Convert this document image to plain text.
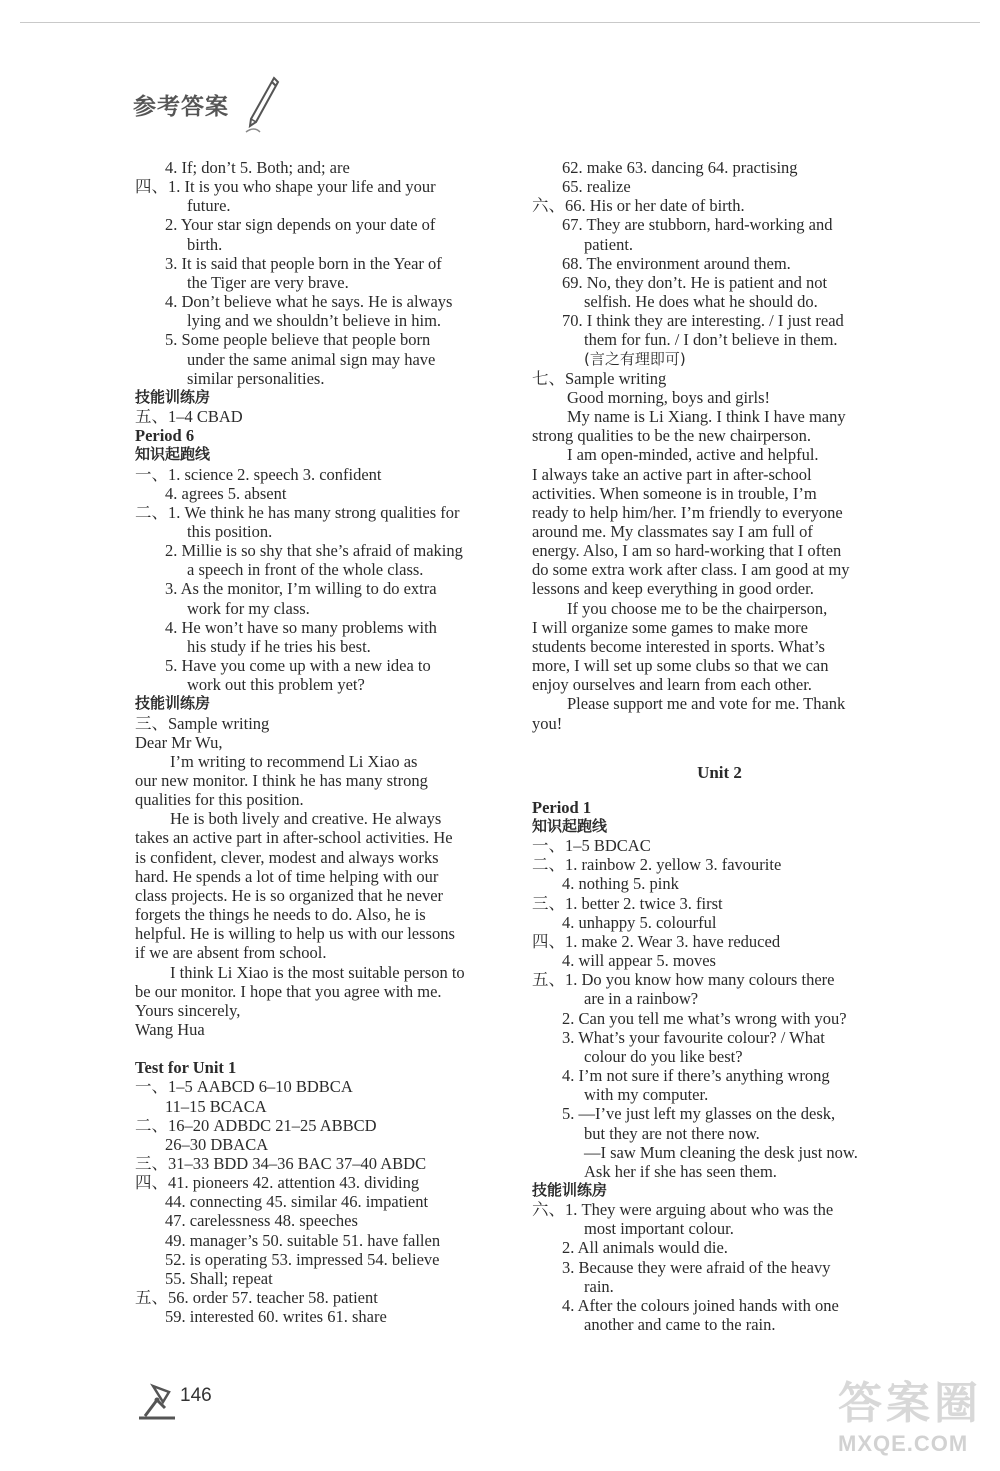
参考答案
4. If; don’t 5. Both; and; are
四、1. It is you who shape your life and your
future.
2. Your star sign depends on your date of
birth.
3. It is said that people born in the Year of
the Tiger are very brave.
4. Don’t believe what he says. He is always
lying and we shouldn’t believe in him.
5. Some people believe that people born
under the same animal sign may have
similar personalities.
技能训练房
五、1–4 CBAD
Period 6
知识起跑线
一、1. science 2. speech 3. confident
4. agrees 5. absent
二、1. We think he has many strong qualities for
this position.
2. Millie is so shy that she’s afraid of making
a speech in front of the whole class.
3. As the monitor, I’m willing to do extra
work for my class.
4. He won’t have so many problems with
his study if he tries his best.
5. Have you come up with a new idea to
work out this problem yet?
技能训练房
三、Sample writing
Dear Mr Wu,
I’m writing to recommend Li Xiao as
our new monitor. I think he has many strong
qualities for this position.
He is both lively and creative. He always
takes an active part in after-school activities. He
is confident, clever, modest and always works
hard. He spends a lot of time helping with our
class projects. He is so organized that he never
forgets the things he needs to do. Also, he is
helpful. He is willing to help us with our lessons
if we are absent from school.
I think Li Xiao is the most suitable person to
be our monitor. I hope that you agree with me.
Yours sincerely,
Wang Hua
Test for Unit 1
一、1–5 AABCD 6–10 BDBCA
11–15 BCACA
二、16–20 ADBDC 21–25 ABBCD
26–30 DBACA
三、31–33 BDD 34–36 BAC 37–40 ABDC
四、41. pioneers 42. attention 43. dividing
44. connecting 45. similar 46. impatient
47. carelessness 48. speeches
49. manager’s 50. suitable 51. have fallen
52. is operating 53. impressed 54. believe
55. Shall; repeat
五、56. order 57. teacher 58. patient
59. interested 60. writes 61. share
62. make 63. dancing 64. practising
65. realize
六、66. His or her date of birth.
67. They are stubborn, hard-working and
patient.
68. The environment around them.
69. No, they don’t. He is patient and not
selfish. He does what he should do.
70. I think they are interesting. / I just read
them for fun. / I don’t believe in them.
(言之有理即可)
七、Sample writing
Good morning, boys and girls!
My name is Li Xiang. I think I have many
strong qualities to be the new chairperson.
I am open-minded, active and helpful.
I always take an active part in after-school
activities. When someone is in trouble, I’m
ready to help him/her. I’m friendly to everyone
around me. My classmates say I am full of
energy. Also, I am so hard-working that I often
do some extra work after class. I am good at my
lessons and keep everything in good order.
If you choose me to be the chairperson,
I will organize some games to make more
students become interested in sports. What’s
more, I will set up some clubs so that we can
enjoy ourselves and learn from each other.
Please support me and vote for me. Thank
you!
Unit 2
Period 1
知识起跑线
一、1–5 BDCAC
二、1. rainbow 2. yellow 3. favourite
4. nothing 5. pink
三、1. better 2. twice 3. first
4. unhappy 5. colourful
四、1. make 2. Wear 3. have reduced
4. will appear 5. moves
五、1. Do you know how many colours there
are in a rainbow?
2. Can you tell me what’s wrong with you?
3. What’s your favourite colour? / What
colour do you like best?
4. I’m not sure if there’s anything wrong
with my computer.
5. —I’ve just left my glasses on the desk,
but they are not there now.
—I saw Mum cleaning the desk just now.
Ask her if she has seen them.
技能训练房
六、1. They were arguing about who was the
most important colour.
2. All animals would die.
3. Because they were afraid of the heavy
rain.
4. After the colours joined hands with one
another and came to the rain.
146	答案圈
MXQE.COM
